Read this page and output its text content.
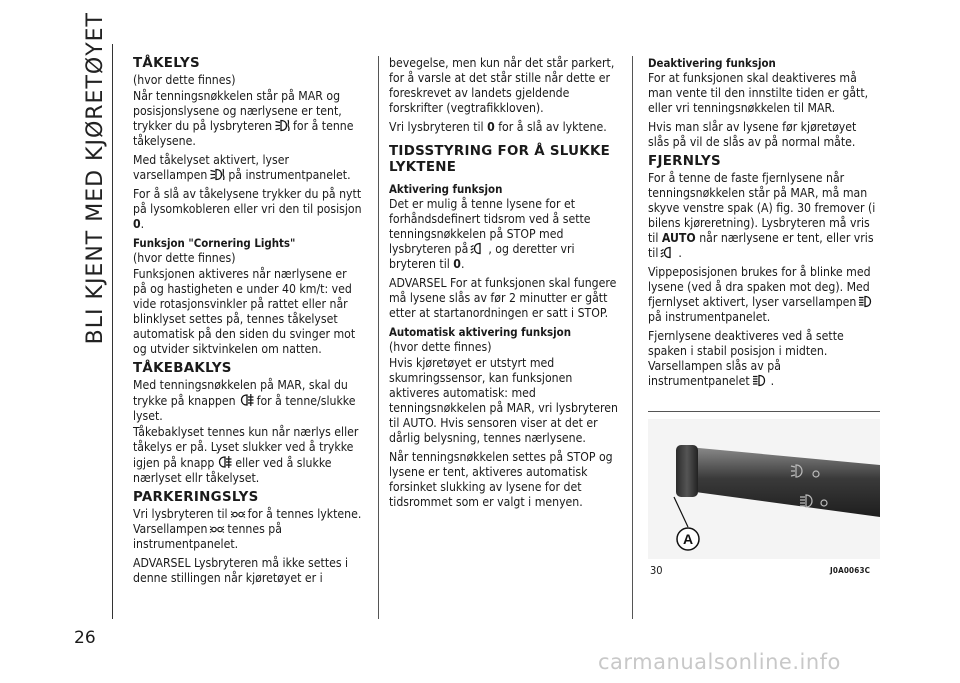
BLI KJENT MED KJØRETØYET
26
TÅKELYS

(hvor dette finnes)

Når tenningsnøkkelen står på MAR og posisjonslysene og nærlysene er tent, trykker du på lysbryteren for å tenne tåkelysene.

Med tåkelyset aktivert, lyser varsellampen på instrumentpanelet.

For å slå av tåkelysene trykker du på nytt på lysomkobleren eller vri den til posisjon 0.

Funksjon "Cornering Lights"

(hvor dette finnes)

Funksjonen aktiveres når nærlysene er på og hastigheten e under 40 km/t: ved vide rotasjonsvinkler på rattet eller når blinklyset settes på, tennes tåkelyset automatisk på den siden du svinger mot og utvider siktvinkelen om natten.

TÅKEBAKLYS

Med tenningsnøkkelen på MAR, skal du trykke på knappen for å tenne/slukke lyset.

Tåkebaklyset tennes kun når nærlys eller tåkelys er på. Lyset slukker ved å trykke igjen på knapp eller ved å slukke nærlyset ellr tåkelyset.

PARKERINGSLYS

Vri lysbryteren til for å tennes lyktene. Varsellampen tennes på instrumentpanelet.

ADVARSEL Lysbryteren må ikke settes i denne stillingen når kjøretøyet er i

bevegelse, men kun når det står parkert, for å varsle at det står stille når dette er foreskrevet av landets gjeldende forskrifter (vegtrafikkloven).

Vri lysbryteren til 0 for å slå av lyktene.

TIDSSTYRING FOR Å SLUKKE LYKTENE
Aktivering funksjon

Det er mulig å tenne lysene for et forhåndsdefinert tidsrom ved å sette tenningsnøkkelen på STOP med lysbryteren på , og deretter vri bryteren til 0.

ADVARSEL For at funksjonen skal fungere må lysene slås av før 2 minutter er gått etter at startanordningen er satt i STOP.

Automatisk aktivering funksjon

(hvor dette finnes)

Hvis kjøretøyet er utstyrt med skumringssensor, kan funksjonen aktiveres automatisk: med tenningsnøkkelen på MAR, vri lysbryteren til AUTO. Hvis sensoren viser at det er dårlig belysning, tennes nærlysene.

Når tenningsnøkkelen settes på STOP og lysene er tent, aktiveres automatisk forsinket slukking av lysene for det tidsrommet som er valgt i menyen.

Deaktivering funksjon

For at funksjonen skal deaktiveres må man vente til den innstilte tiden er gått, eller vri tenningsnøkkelen til MAR.

Hvis man slår av lysene før kjøretøyet slås på vil de slås av på normal måte.

FJERNLYS

For å tenne de faste fjernlysene når tenningsnøkkelen står på MAR, må man skyve venstre spak (A) fig. 30 fremover (i bilens kjøreretning). Lysbryteren må vris til AUTO når nærlysene er tent, eller vris til .

Vippeposisjonen brukes for å blinke med lysene (ved å dra spaken mot deg). Med fjernlyset aktivert, lyser varsellampen
på instrumentpanelet.

Fjernlysene deaktiveres ved å sette spaken i stabil posisjon i midten. Varsellampen slås av på instrumentpanelet .

A
30	J0A0063C
carmanualsonline.info
